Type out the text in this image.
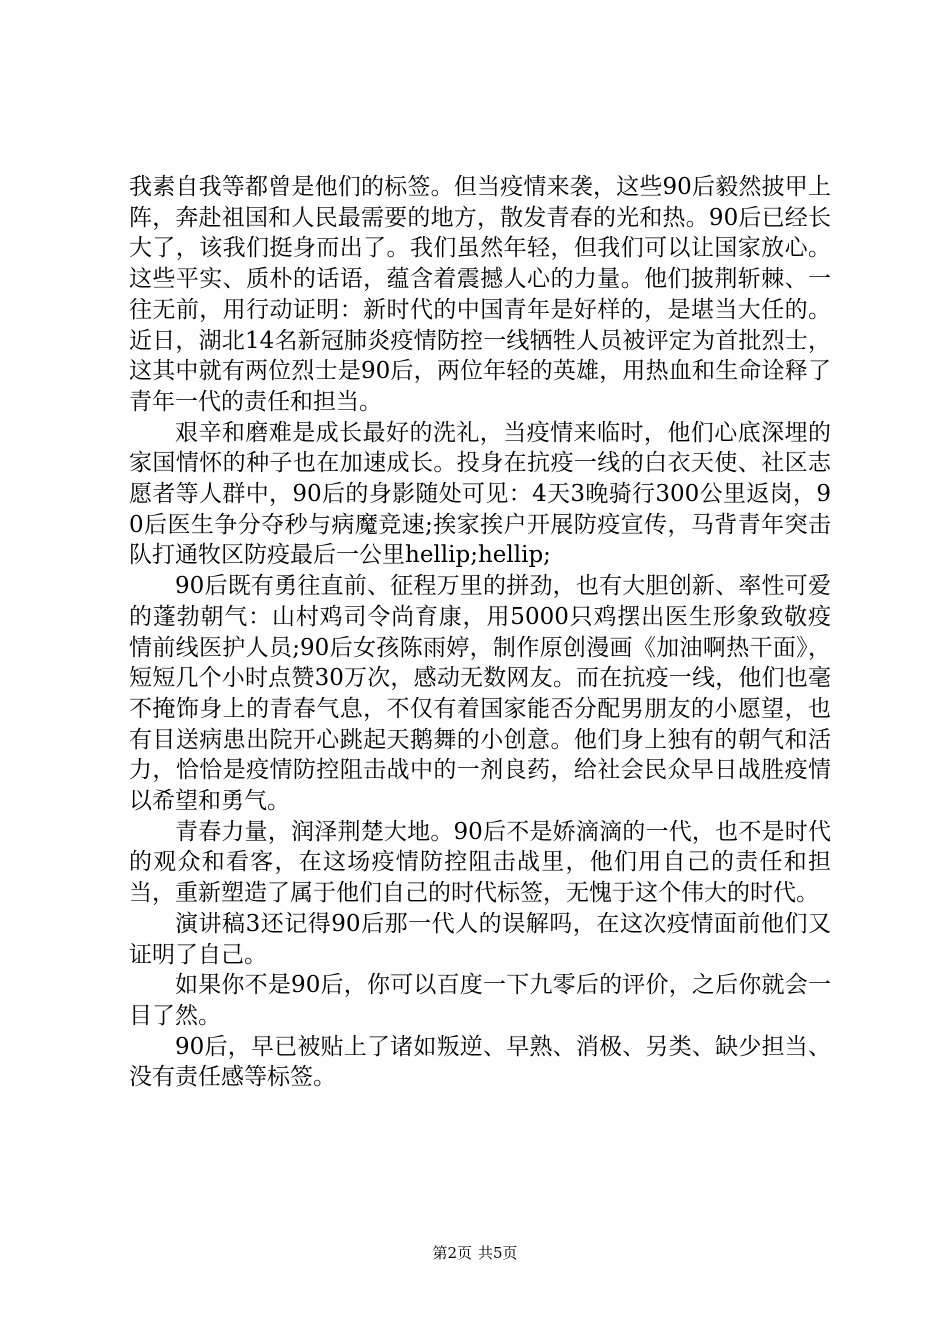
我素自我等都曾是他们的标签。但当疫情来袭，这些90后毅然披甲上阵，奔赴祖国和人民最需要的地方，散发青春的光和热。90后已经长大了，该我们挺身而出了。我们虽然年轻，但我们可以让国家放心。这些平实、质朴的话语，蕴含着震撼人心的力量。他们披荆斩棘、一往无前，用行动证明：新时代的中国青年是好样的，是堪当大任的。近日，湖北14名新冠肺炎疫情防控一线牺牲人员被评定为首批烈士，这其中就有两位烈士是90后，两位年轻的英雄，用热血和生命诠释了青年一代的责任和担当。

艰辛和磨难是成长最好的洗礼，当疫情来临时，他们心底深埋的家国情怀的种子也在加速成长。投身在抗疫一线的白衣天使、社区志愿者等人群中，90后的身影随处可见：4天3晚骑行300公里返岗，90后医生争分夺秒与病魔竞速;挨家挨户开展防疫宣传，马背青年突击队打通牧区防疫最后一公里hellip;hellip;

90后既有勇往直前、征程万里的拼劲，也有大胆创新、率性可爱的蓬勃朝气：山村鸡司令尚育康，用5000只鸡摆出医生形象致敬疫情前线医护人员;90后女孩陈雨婷，制作原创漫画《加油啊热干面》，短短几个小时点赞30万次，感动无数网友。而在抗疫一线，他们也毫不掩饰身上的青春气息，不仅有着国家能否分配男朋友的小愿望，也有目送病患出院开心跳起天鹅舞的小创意。他们身上独有的朝气和活力，恰恰是疫情防控阻击战中的一剂良药，给社会民众早日战胜疫情以希望和勇气。

青春力量，润泽荆楚大地。90后不是娇滴滴的一代，也不是时代的观众和看客，在这场疫情防控阻击战里，他们用自己的责任和担当，重新塑造了属于他们自己的时代标签，无愧于这个伟大的时代。

演讲稿3还记得90后那一代人的误解吗，在这次疫情面前他们又证明了自己。

如果你不是90后，你可以百度一下九零后的评价，之后你就会一目了然。

90后，早已被贴上了诸如叛逆、早熟、消极、另类、缺少担当、没有责任感等标签。

第2页 共5页
